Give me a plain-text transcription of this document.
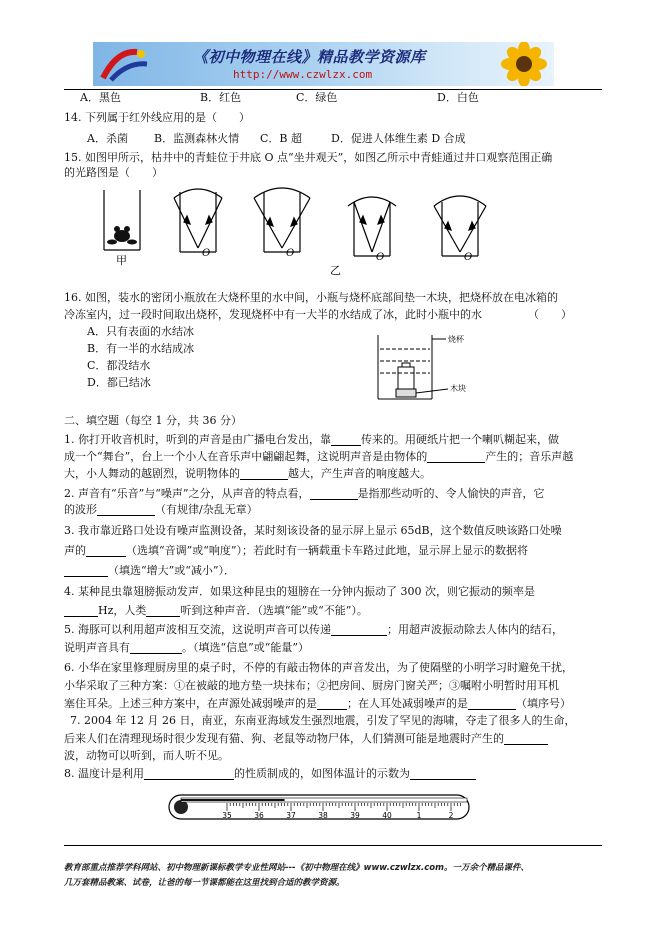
《初中物理在线》精品教学资源库
http://www.czwlzx.com
A．黑色	B．红色	C．绿色	D．白色
14. 下列属于红外线应用的是（　　）
A．杀菌 B．监测森林火情 C．B 超	D．促进人体维生素 D 合成
15. 如图甲所示，枯井中的青蛙位于井底 O 点“坐井观天”，如图乙所示中青蛙通过井口观察范围正确
的光路图是（　　）
甲
O	O	O	O
乙
16. 如图，装水的密闭小瓶放在大烧杯里的水中间，小瓶与烧杯底部间垫一木块，把烧杯放在电冰箱的
冷冻室内，过一段时间取出烧杯，发现烧杯中有一大半的水结成了冰，此时小瓶中的水	（　　）
A．只有表面的水结冰
B．有一半的水结成冰
C．都没结水
D．都已结冰
烧杯
木块
二、填空题（每空 1 分，共 36 分）
1. 你打开收音机时，听到的声音是由广播电台发出，靠	传来的。用硬纸片把一个喇叭糊起来，做
成一个“舞台”，台上一个小人在音乐声中翩翩起舞，这说明声音是由物体的	产生的；音乐声越
大，小人舞动的越剧烈，说明物体的	越大，产生声音的响度越大。
2. 声音有“乐音”与“噪声”之分，从声音的特点看，	是指那些动听的、令人愉快的声音，它
的波形	（有规律/杂乱无章）
3. 我市靠近路口处设有噪声监测设备，某时刻该设备的显示屏上显示 65dB，这个数值反映该路口处噪
声的	（选填“音调”或“响度”）；若此时有一辆载重卡车路过此地，显示屏上显示的数据将
（填选“增大”或“减小”）．
4. 某种昆虫靠翅膀振动发声．如果这种昆虫的翅膀在一分钟内振动了 300 次，则它振动的频率是
Hz，人类	听到这种声音．（选填“能”或“不能”）。
5. 海豚可以利用超声波相互交流，这说明声音可以传递	；用超声波振动除去人体内的结石，
说明声音具有	。（填选“信息”或“能量”）
6. 小华在家里修理厨房里的桌子时，不停的有敲击物体的声音发出，为了使隔壁的小明学习时避免干扰，
小华采取了三种方案：①在被敲的地方垫一块抹布；②把房间、厨房门窗关严；③嘱咐小明暂时用耳机
塞住耳朵。上述三种方案中，在声源处减弱噪声的是	；在人耳处减弱噪声的是	（填序号）
7. 2004 年 12 月 26 日，南亚，东南亚海域发生强烈地震，引发了罕见的海啸，夺走了很多人的生命，
后来人们在清理现场时很少发现有猫、狗、老鼠等动物尸体，人们猜测可能是地震时产生的
波，动物可以听到，而人听不见。
8. 温度计是利用	的性质制成的，如图体温计的示数为
35	36	37	38	39	40	1	2
教育部重点推荐学科网站、初中物理新课标教学专业性网站---《初中物理在线》www.czwlzx.com。一万余个精品课件、
几万套精品教案、试卷，让爸的每一节课都能在这里找到合适的教学资源。
